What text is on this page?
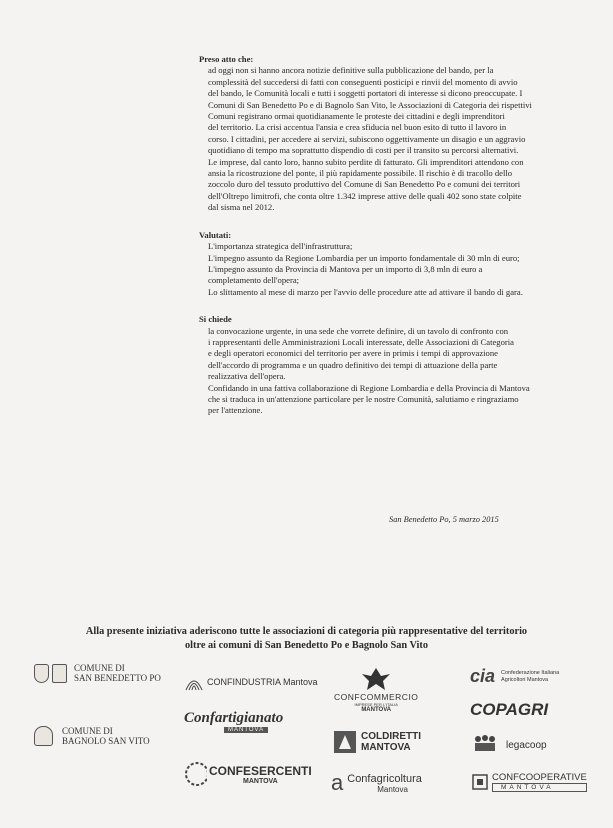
Preso atto che:

ad oggi non si hanno ancora notizie definitive sulla pubblicazione del bando, per la
complessità del succedersi di fatti con conseguenti posticipi e rinvii del momento di avvio
del bando, le Comunità locali e tutti i soggetti portatori di interesse si dicono preoccupate. I
Comuni di San Benedetto Po e di Bagnolo San Vito, le Associazioni di Categoria dei rispettivi
Comuni registrano ormai quotidianamente le proteste dei cittadini e degli imprenditori
del territorio. La crisi accentua l'ansia e crea sfiducia nel buon esito di tutto il lavoro in
corso. I cittadini, per accedere ai servizi, subiscono oggettivamente un disagio e un aggravio
quotidiano di tempo ma soprattutto dispendio di costi per il transito su percorsi alternativi.
Le imprese, dal canto loro, hanno subito perdite di fatturato. Gli imprenditori attendono con
ansia la ricostruzione del ponte, il più rapidamente possibile. Il rischio è di tracollo dello
zoccolo duro del tessuto produttivo del Comune di San Benedetto Po e comuni dei territori
dell'Oltrepo limitrofi, che conta oltre 1.342 imprese attive delle quali 402 sono state colpite
dal sisma nel 2012.

Valutati:

L'importanza strategica dell'infrastruttura;
L'impegno assunto da Regione Lombardia per un importo fondamentale di 30 mln di euro;
L'impegno assunto da Provincia di Mantova per un importo di 3,8 mln di euro a
completamento dell'opera;
Lo slittamento al mese di marzo per l'avvio delle procedure atte ad attivare il bando di gara.

Si chiede

la convocazione urgente, in una sede che vorrete definire, di un tavolo di confronto con
i rappresentanti delle Amministrazioni Locali interessate, delle Associazioni di Categoria
e degli operatori economici del territorio per avere in primis i tempi di approvazione
dell'accordo di programma e un quadro definitivo dei tempi di attuazione della parte
realizzativa dell'opera.
Confidando in una fattiva collaborazione di Regione Lombardia e della Provincia di Mantova
che si traduca in un'attenzione particolare per le nostre Comunità, salutiamo e ringraziamo
per l'attenzione.
San Benedetto Po, 5 marzo 2015
Alla presente iniziativa aderiscono tutte le associazioni di categoria più rappresentative del territorio
oltre ai comuni di San Benedetto Po e Bagnolo San Vito
COMUNE DI
SAN BENEDETTO PO
COMUNE DI
BAGNOLO SAN VITO
CONFINDUSTRIA Mantova
Confartigianato
MANTOVA
CONFESERCENTI
MANTOVA
CONFCOMMERCIO
IMPRESE PER L'ITALIA
MANTOVA
COLDIRETTI
MANTOVA
a Confagricoltura
Mantova
cia Confederazione Italiana
Agricoltori Mantova
COPAGRI
legacoop
CONFCOOPERATIVE
MANTOVA
